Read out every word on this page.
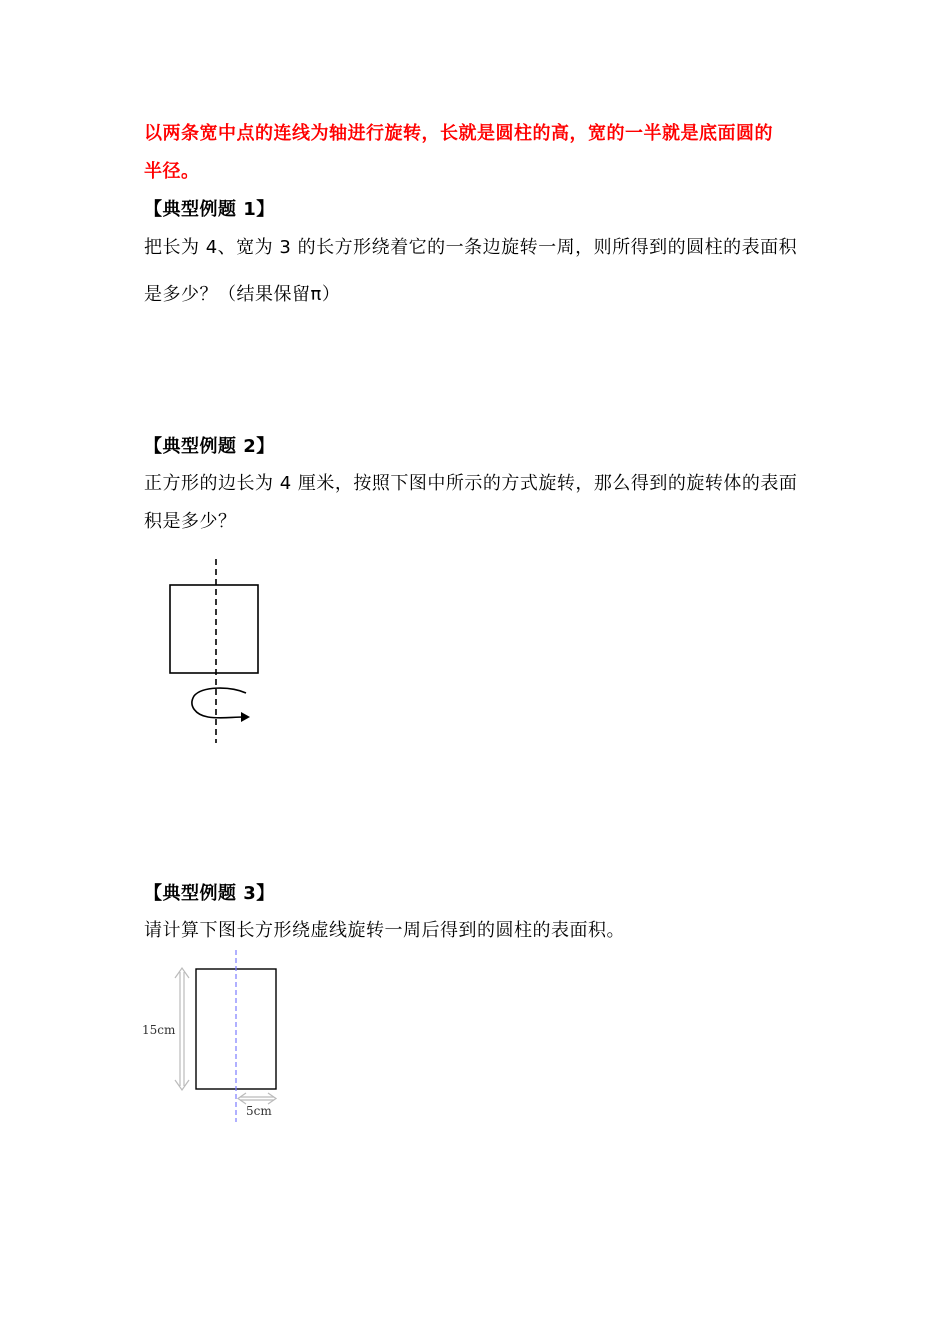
以两条宽中点的连线为轴进行旋转，长就是圆柱的高，宽的一半就是底面圆的
半径。
【典型例题 1】
把长为 4、宽为 3 的长方形绕着它的一条边旋转一周，则所得到的圆柱的表面积
是多少？（结果保留π）
【典型例题 2】
正方形的边长为 4 厘米，按照下图中所示的方式旋转，那么得到的旋转体的表面
积是多少？
【典型例题 3】
请计算下图长方形绕虚线旋转一周后得到的圆柱的表面积。
15cm
5cm
